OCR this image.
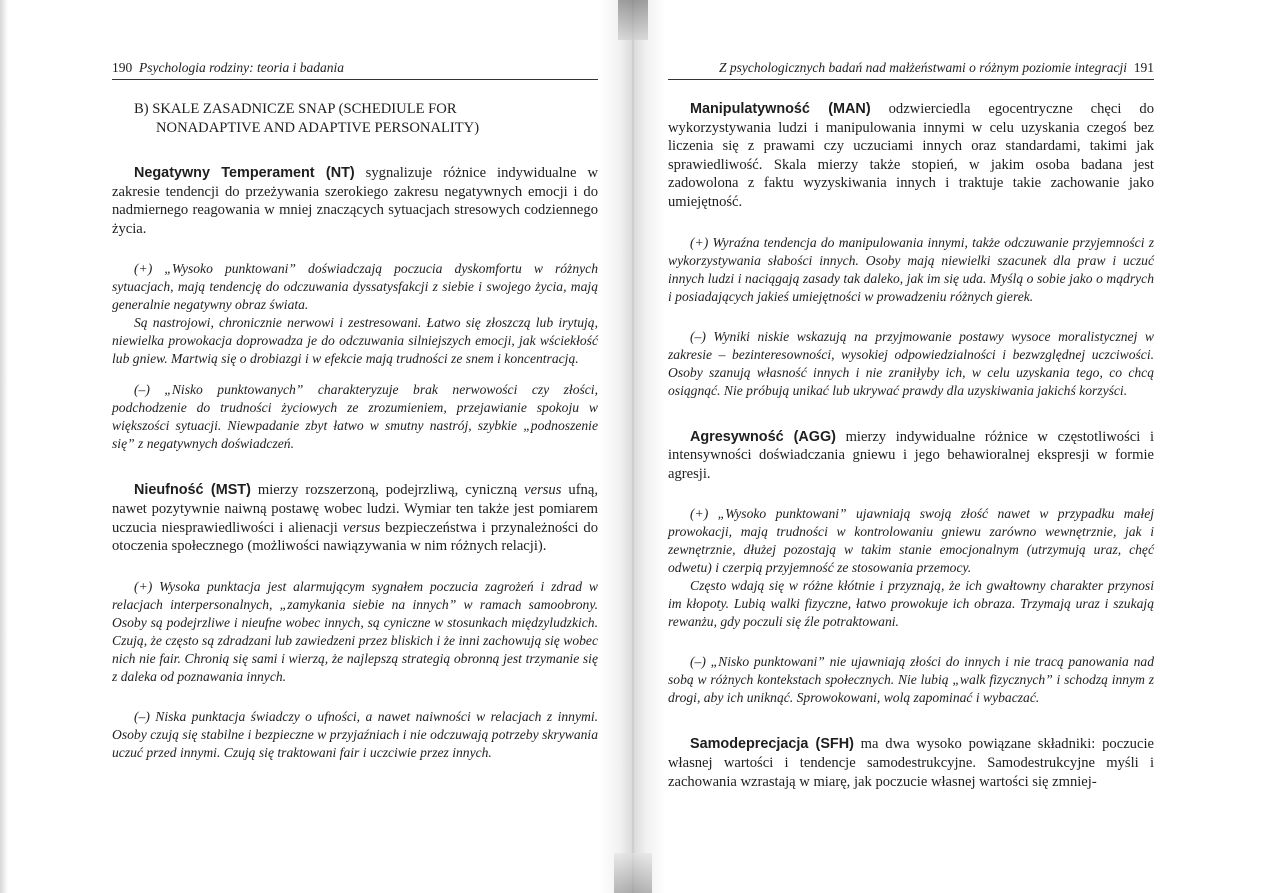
190 Psychologia rodziny: teoria i badania
B) SKALE ZASADNICZE SNAP (SCHEDIULE FOR
NONADAPTIVE AND ADAPTIVE PERSONALITY)

Negatywny Temperament (NT) sygnalizuje różnice indywidualne w zakresie tendencji do przeżywania szerokiego zakresu negatywnych emocji i do nadmiernego reagowania w mniej znaczących sytuacjach stresowych codziennego życia.

(+) „Wysoko punktowani” doświadczają poczucia dyskomfortu w różnych sytuacjach, mają tendencję do odczuwania dyssatysfakcji z siebie i swojego życia, mają generalnie negatywny obraz świata.

Są nastrojowi, chronicznie nerwowi i zestresowani. Łatwo się złoszczą lub irytują, niewielka prowokacja doprowadza je do odczuwania silniejszych emocji, jak wściekłość lub gniew. Martwią się o drobiazgi i w efekcie mają trudności ze snem i koncentracją.

(–) „Nisko punktowanych” charakteryzuje brak nerwowości czy złości, podchodzenie do trudności życiowych ze zrozumieniem, przejawianie spokoju w większości sytuacji. Niewpadanie zbyt łatwo w smutny nastrój, szybkie „podnoszenie się” z negatywnych doświadczeń.

Nieufność (MST) mierzy rozszerzoną, podejrzliwą, cyniczną versus ufną, nawet pozytywnie naiwną postawę wobec ludzi. Wymiar ten także jest pomiarem uczucia niesprawiedliwości i alienacji versus bezpieczeństwa i przynależności do otoczenia społecznego (możliwości nawiązywania w nim różnych relacji).

(+) Wysoka punktacja jest alarmującym sygnałem poczucia zagrożeń i zdrad w relacjach interpersonalnych, „zamykania siebie na innych” w ramach samoobrony. Osoby są podejrzliwe i nieufne wobec innych, są cyniczne w stosunkach międzyludzkich. Czują, że często są zdradzani lub zawiedzeni przez bliskich i że inni zachowują się wobec nich nie fair. Chronią się sami i wierzą, że najlepszą strategią obronną jest trzymanie się z daleka od poznawania innych.

(–) Niska punktacja świadczy o ufności, a nawet naiwności w relacjach z innymi. Osoby czują się stabilne i bezpieczne w przyjaźniach i nie odczuwają potrzeby skrywania uczuć przed innymi. Czują się traktowani fair i uczciwie przez innych.

Z psychologicznych badań nad małżeństwami o różnym poziomie integracji 191

Manipulatywność (MAN) odzwierciedla egocentryczne chęci do wykorzystywania ludzi i manipulowania innymi w celu uzyskania czegoś bez liczenia się z prawami czy uczuciami innych oraz standardami, takimi jak sprawiedliwość. Skala mierzy także stopień, w jakim osoba badana jest zadowolona z faktu wyzyskiwania innych i traktuje takie zachowanie jako umiejętność.

(+) Wyraźna tendencja do manipulowania innymi, także odczuwanie przyjemności z wykorzystywania słabości innych. Osoby mają niewielki szacunek dla praw i uczuć innych ludzi i naciągają zasady tak daleko, jak im się uda. Myślą o sobie jako o mądrych i posiadających jakieś umiejętności w prowadzeniu różnych gierek.

(–) Wyniki niskie wskazują na przyjmowanie postawy wysoce moralistycznej w zakresie – bezinteresowności, wysokiej odpowiedzialności i bezwzględnej uczciwości. Osoby szanują własność innych i nie zraniłyby ich, w celu uzyskania tego, co chcą osiągnąć. Nie próbują unikać lub ukrywać prawdy dla uzyskiwania jakichś korzyści.

Agresywność (AGG) mierzy indywidualne różnice w częstotliwości i intensywności doświadczania gniewu i jego behawioralnej ekspresji w formie agresji.

(+) „Wysoko punktowani” ujawniają swoją złość nawet w przypadku małej prowokacji, mają trudności w kontrolowaniu gniewu zarówno wewnętrznie, jak i zewnętrznie, dłużej pozostają w takim stanie emocjonalnym (utrzymują uraz, chęć odwetu) i czerpią przyjemność ze stosowania przemocy.

Często wdają się w różne kłótnie i przyznają, że ich gwałtowny charakter przynosi im kłopoty. Lubią walki fizyczne, łatwo prowokuje ich obraza. Trzymają uraz i szukają rewanżu, gdy poczuli się źle potraktowani.

(–) „Nisko punktowani” nie ujawniają złości do innych i nie tracą panowania nad sobą w różnych kontekstach społecznych. Nie lubią „walk fizycznych” i schodzą innym z drogi, aby ich uniknąć. Sprowokowani, wolą zapominać i wybaczać.

Samodeprecjacja (SFH) ma dwa wysoko powiązane składniki: poczucie własnej wartości i tendencje samodestrukcyjne. Samodestrukcyjne myśli i zachowania wzrastają w miarę, jak poczucie własnej wartości się zmniej-
